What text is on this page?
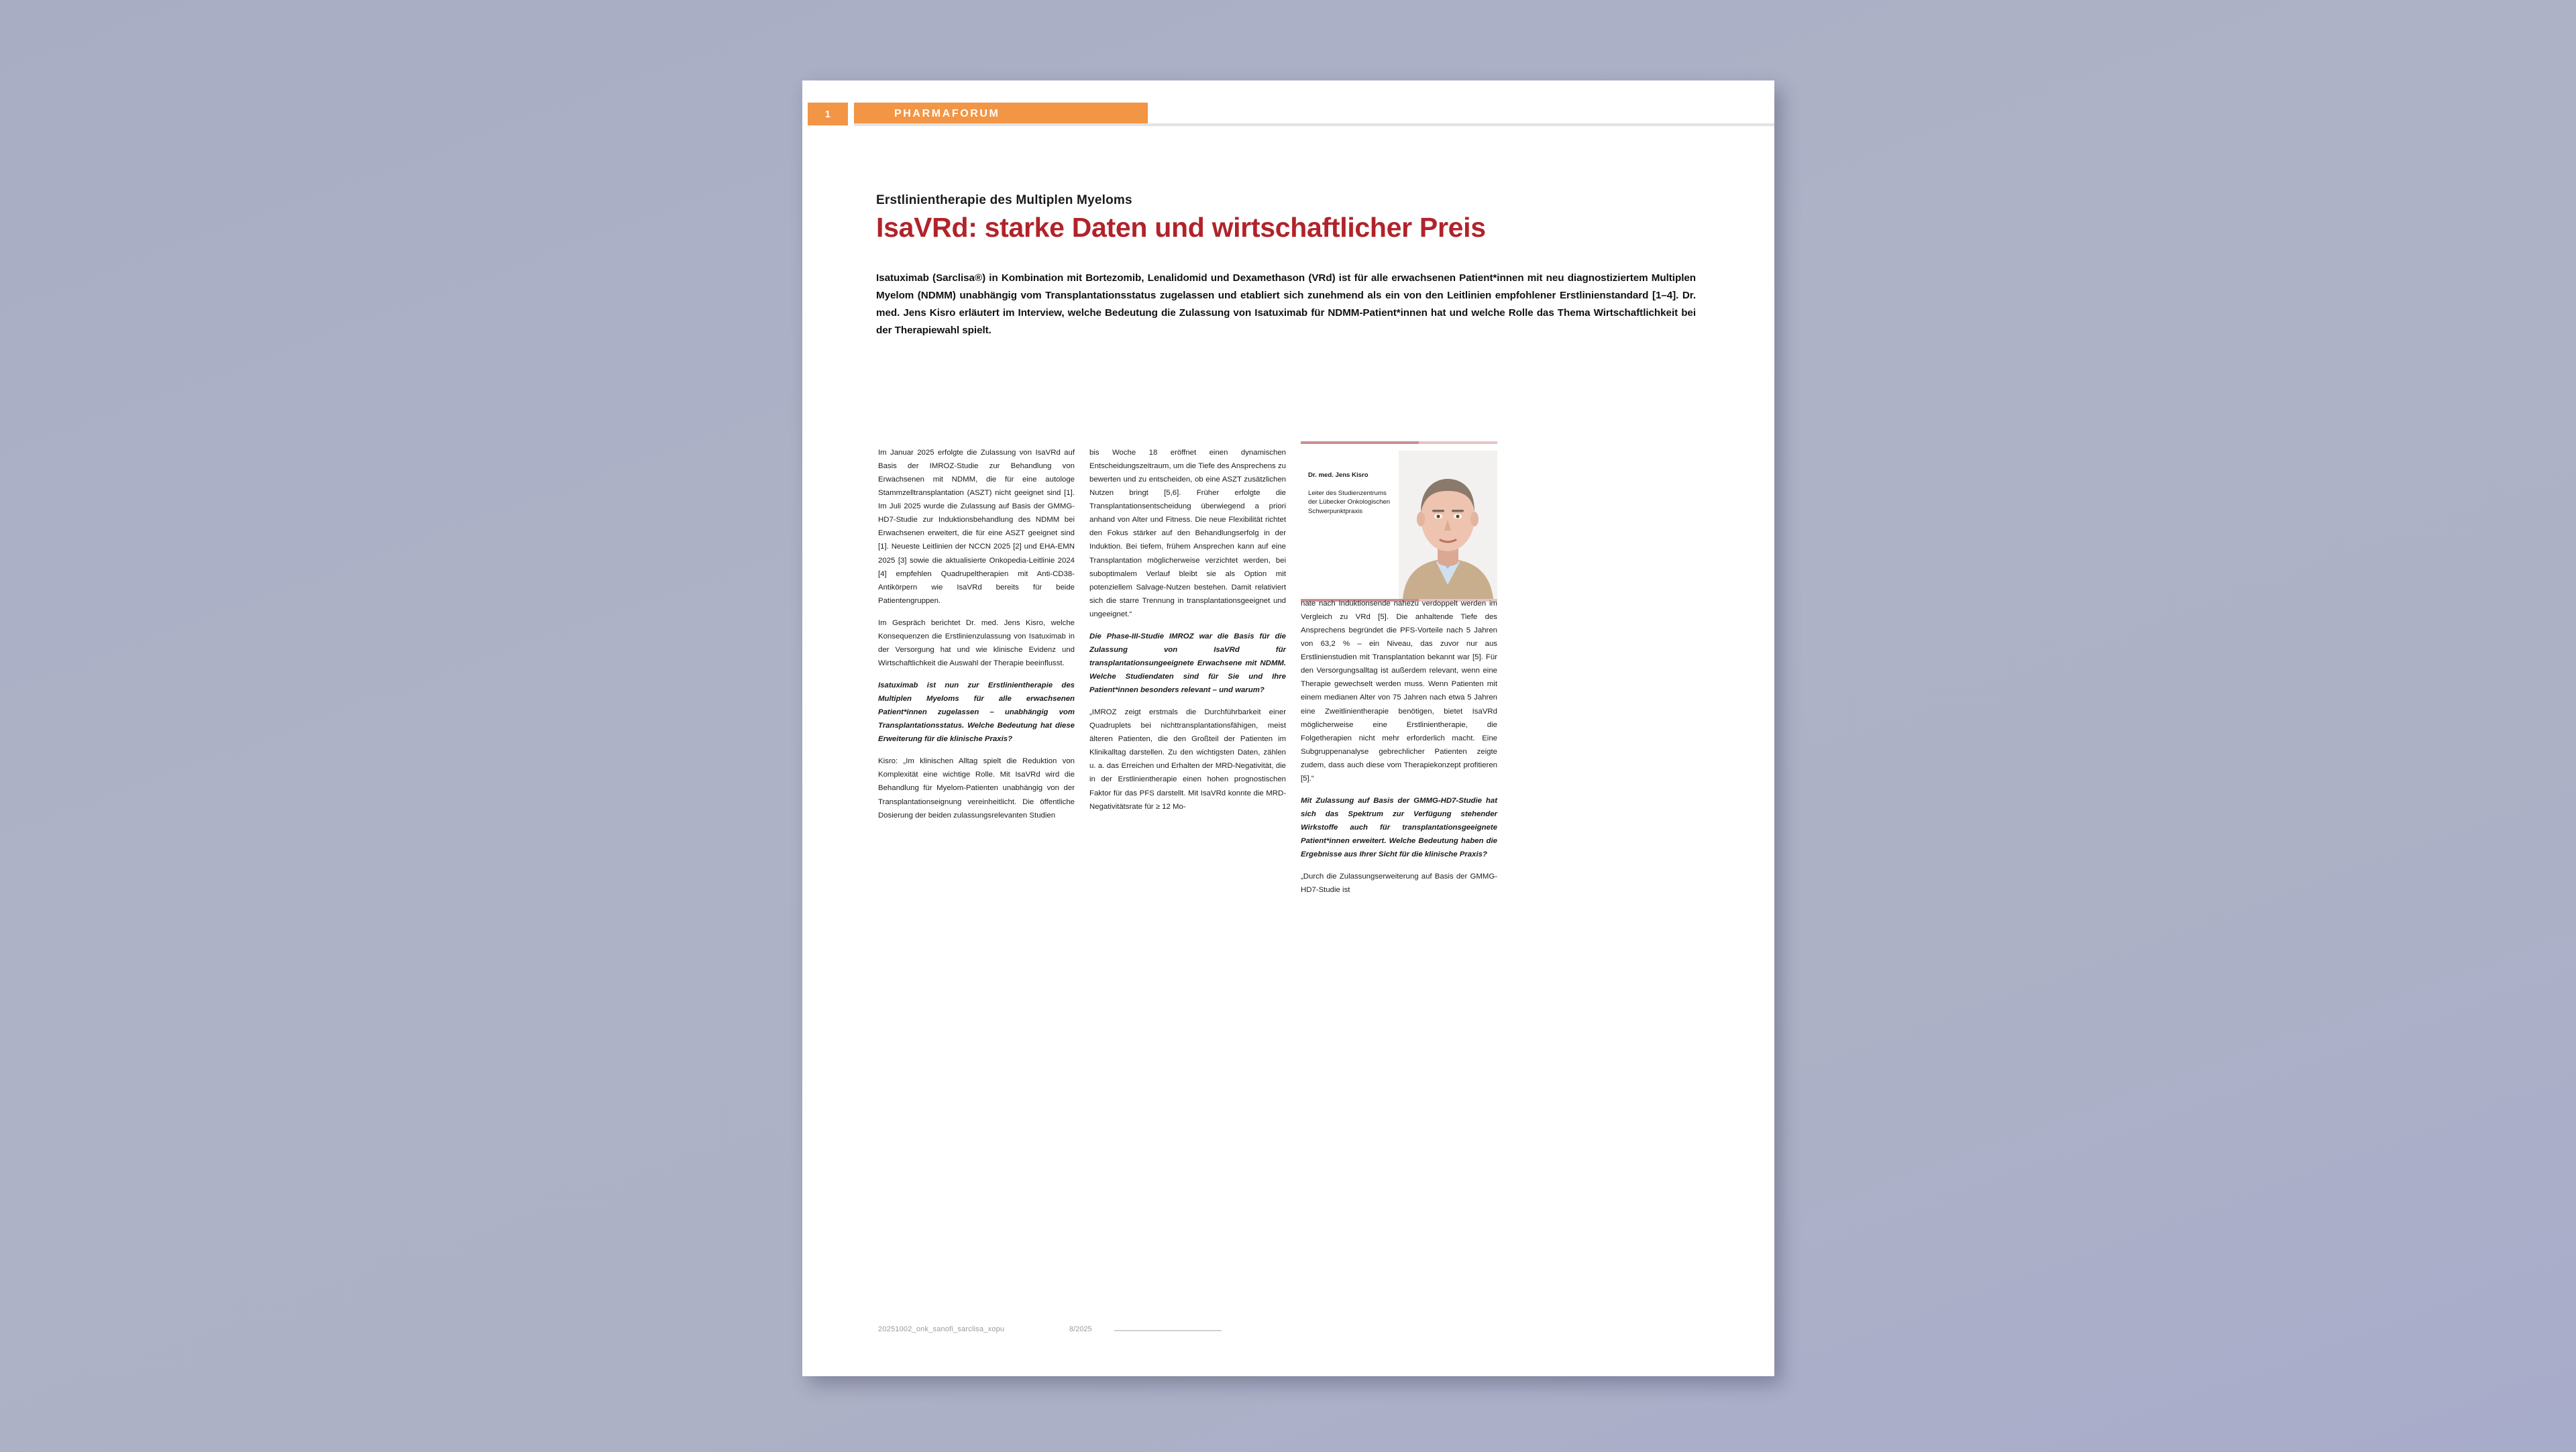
1	PHARMAFORUM
Erstlinientherapie des Multiplen Myeloms
IsaVRd: starke Daten und wirtschaftlicher Preis
Isatuximab (Sarclisa®) in Kombination mit Bortezomib, Lenalidomid und Dexamethason (VRd) ist für alle erwachsenen Patient*innen mit neu diagnostiziertem Multiplen Myelom (NDMM) unabhängig vom Transplantationsstatus zugelassen und etabliert sich zunehmend als ein von den Leitlinien empfohlener Erstlinienstandard [1–4]. Dr. med. Jens Kisro erläutert im Interview, welche Bedeutung die Zulassung von Isatuximab für NDMM-Patient*innen hat und welche Rolle das Thema Wirtschaftlichkeit bei der Therapiewahl spielt.

Im Januar 2025 erfolgte die Zulassung von IsaVRd auf Basis der IMROZ-Studie zur Behandlung von Erwachsenen mit NDMM, die für eine autologe Stammzelltransplantation (ASZT) nicht geeignet sind [1]. Im Juli 2025 wurde die Zulassung auf Basis der GMMG-HD7-Studie zur Induktionsbehandlung des NDMM bei Erwachsenen erweitert, die für eine ASZT geeignet sind [1]. Neueste Leitlinien der NCCN 2025 [2] und EHA-EMN 2025 [3] sowie die aktualisierte Onkopedia-Leitlinie 2024 [4] empfehlen Quadrupeltherapien mit Anti-CD38-Antikörpern wie IsaVRd bereits für beide Patientengruppen.

Im Gespräch berichtet Dr. med. Jens Kisro, welche Konsequenzen die Erstlinienzulassung von Isatuximab in der Versorgung hat und wie klinische Evidenz und Wirtschaftlichkeit die Auswahl der Therapie beeinflusst.

Isatuximab ist nun zur Erstlinientherapie des Multiplen Myeloms für alle erwachsenen Patient*innen zugelassen – unabhängig vom Transplantationsstatus. Welche Bedeutung hat diese Erweiterung für die klinische Praxis?

Kisro: „Im klinischen Alltag spielt die Reduktion von Komplexität eine wichtige Rolle. Mit IsaVRd wird die Behandlung für Myelom-Patienten unabhängig von der Transplantationseignung vereinheitlicht. Die öffentliche Dosierung der beiden zulassungsrelevanten Studien

bis Woche 18 eröffnet einen dynamischen Entscheidungszeitraum, um die Tiefe des Ansprechens zu bewerten und zu entscheiden, ob eine ASZT zusätzlichen Nutzen bringt [5,6]. Früher erfolgte die Transplantationsentscheidung überwiegend a priori anhand von Alter und Fitness. Die neue Flexibilität richtet den Fokus stärker auf den Behandlungserfolg in der Induktion. Bei tiefem, frühem Ansprechen kann auf eine Transplantation möglicherweise verzichtet werden, bei suboptimalem Verlauf bleibt sie als Option mit potenziellem Salvage-Nutzen bestehen. Damit relativiert sich die starre Trennung in transplantationsgeeignet und ungeeignet.“

Die Phase-III-Studie IMROZ war die Basis für die Zulassung von IsaVRd für transplantationsungeeignete Erwachsene mit NDMM. Welche Studiendaten sind für Sie und Ihre Patient*innen besonders relevant – und warum?

„IMROZ zeigt erstmals die Durchführbarkeit einer Quadruplets bei nichttransplantationsfähigen, meist älteren Patienten, die den Großteil der Patienten im Klinikalltag darstellen. Zu den wichtigsten Daten, zählen u. a. das Erreichen und Erhalten der MRD-Negativität, die in der Erstlinientherapie einen hohen prognostischen Faktor für das PFS darstellt. Mit IsaVRd konnte die MRD-Negativitätsrate für ≥ 12 Mo-

Dr. med. Jens Kisro
Leiter des Studienzentrums der Lübecker Onkologischen Schwerpunktpraxis

nate nach Induktionsende nahezu verdoppelt werden im Vergleich zu VRd [5]. Die anhaltende Tiefe des Ansprechens begründet die PFS-Vorteile nach 5 Jahren von 63,2 % – ein Niveau, das zuvor nur aus Erstlinienstudien mit Transplantation bekannt war [5]. Für den Versorgungsalltag ist außerdem relevant, wenn eine Therapie gewechselt werden muss. Wenn Patienten mit einem medianen Alter von 75 Jahren nach etwa 5 Jahren eine Zweitlinientherapie benötigen, bietet IsaVRd möglicherweise eine Erstlinientherapie, die Folgetherapien nicht mehr erforderlich macht. Eine Subgruppenanalyse gebrechlicher Patienten zeigte zudem, dass auch diese vom Therapiekonzept profitieren [5].“

Mit Zulassung auf Basis der GMMG-HD7-Studie hat sich das Spektrum zur Verfügung stehender Wirkstoffe auch für transplantationsgeeignete Patient*innen erweitert. Welche Bedeutung haben die Ergebnisse aus Ihrer Sicht für die klinische Praxis?

„Durch die Zulassungserweiterung auf Basis der GMMG-HD7-Studie ist

20251002_onk_sanofi_sarclisa_xopu	8/2025
